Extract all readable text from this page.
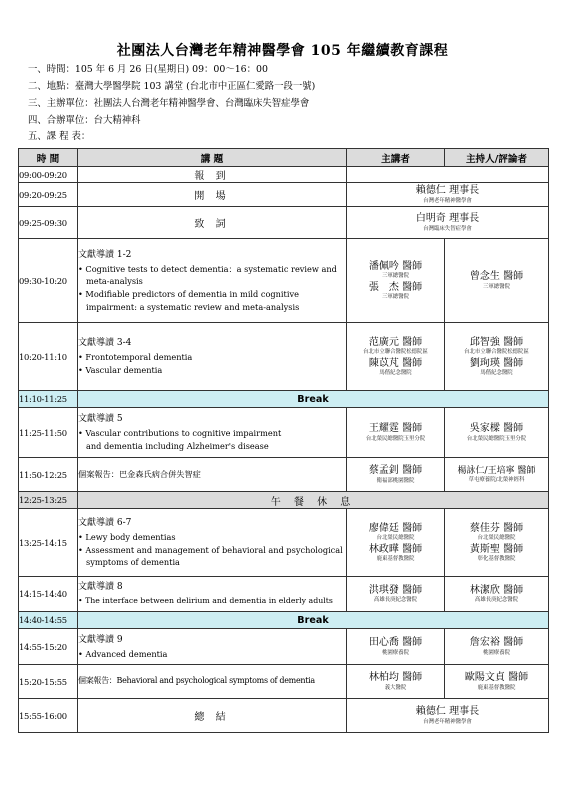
社團法人台灣老年精神醫學會 105 年繼續教育課程
一、時間：105 年 6 月 26 日(星期日) 09：00～16：00
二、地點：臺灣大學醫學院 103 講堂 (台北市中正區仁愛路一段一號)
三、主辦單位：社團法人台灣老年精神醫學會、台灣臨床失智症學會
四、合辦單位：台大精神科
五、課 程 表：
時 間	講 題	主講者	主持人/評論者
09:00-09:20	報 到		
09:20-09:25	開 場	賴德仁 理事長
台灣老年精神醫學會	

09:25-09:30	致 詞	白明奇 理事長
台灣臨床失智症學會	

09:30-10:20	文獻導讀 1-2
• Cognitive tests to detect dementia：a systematic review and
meta-analysis
• Modifiable predictors of dementia in mild cognitive
impairment: a systematic review and meta-analysis	潘佩吟 醫師
三軍總醫院
張　杰 醫師
三軍總醫院	曾念生 醫師
三軍總醫院

10:20-11:10	文獻導讀 3-4
• Frontotemporal dementia
• Vascular dementia	范廣元 醫師
台北市立聯合醫院松德院區
陳苡芃 醫師
馬偕紀念醫院	邱智強 醫師
台北市立聯合醫院松德院區
劉珣瑛 醫師
馬偕紀念醫院

11:10-11:25	Break		
11:25-11:50	文獻導讀 5
• Vascular contributions to cognitive impairment
and dementia including Alzheimer's disease	王耀霆 醫師
台北榮民總醫院玉里分院	吳家樑 醫師
台北榮民總醫院玉里分院

11:50-12:25	個案報告：巴金森氏病合併失智症	蔡孟釗 醫師
衛福部桃園醫院	楊詠仁/王培寧 醫師
草屯療養院/北榮神經科

12:25-13:25	午 餐 休 息		
13:25-14:15	文獻導讀 6-7
• Lewy body dementias
• Assessment and management of behavioral and psychological
symptoms of dementia	廖偉廷 醫師
台北榮民總醫院
林政曄 醫師
鹿東基督教醫院	蔡佳芬 醫師
台北榮民總醫院
黃斯聖 醫師
彰化基督教醫院

14:15-14:40	文獻導讀 8
• The interface between delirium and dementia in elderly adults	洪琪發 醫師
高雄長庚紀念醫院	林潔欣 醫師
高雄長庚紀念醫院

14:40-14:55	Break		
14:55-15:20	文獻導讀 9
• Advanced dementia	田心喬 醫師
桃園療養院	詹宏裕 醫師
桃園療養院

15:20-15:55	個案報告：Behavioral and psychological symptoms of dementia	林柏均 醫師
義大醫院	歐陽文貞 醫師
鹿東基督教醫院

15:55-16:00	總 結	賴德仁 理事長
台灣老年精神醫學會	
